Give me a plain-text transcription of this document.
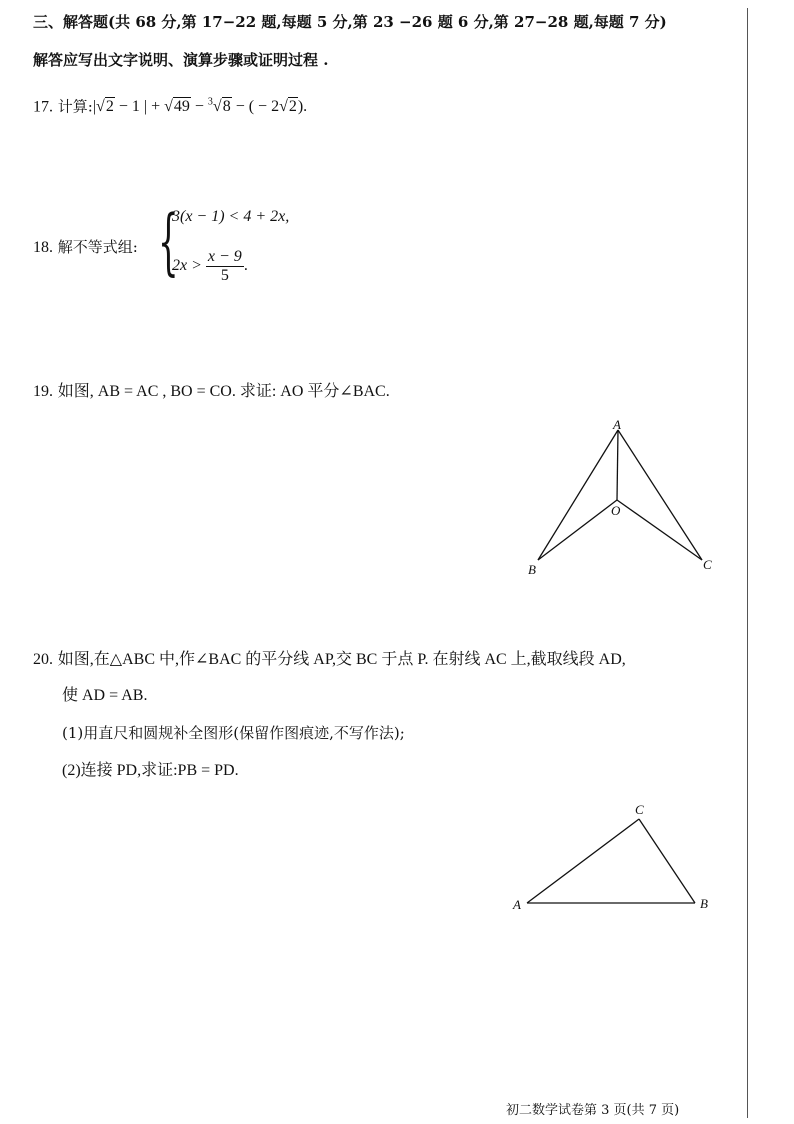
三、解答题(共 68 分,第 17−22 题,每题 5 分,第 23 −26 题 6 分,第 27−28 题,每题 7 分)
解答应写出文字说明、演算步骤或证明过程 .
17. 计算:|√2 − 1 | + √49 − $^3$√8 − ( − 2√2).
18. 解不等式组: {
3(x − 1) < 4 + 2x,
$2x > \frac{x - 9}{5}$ .
19. 如图, AB = AC , BO = CO. 求证: AO 平分∠BAC.
A
O
B	C
20. 如图,在△ABC 中,作∠BAC 的平分线 AP,交 BC 于点 P. 在射线 AC 上,截取线段 AD,
使 AD = AB.
(1)用直尺和圆规补全图形(保留作图痕迹,不写作法);
(2)连接 PD,求证:PB = PD.
A	B
C
初二数学试卷第 3 页(共 7 页)
